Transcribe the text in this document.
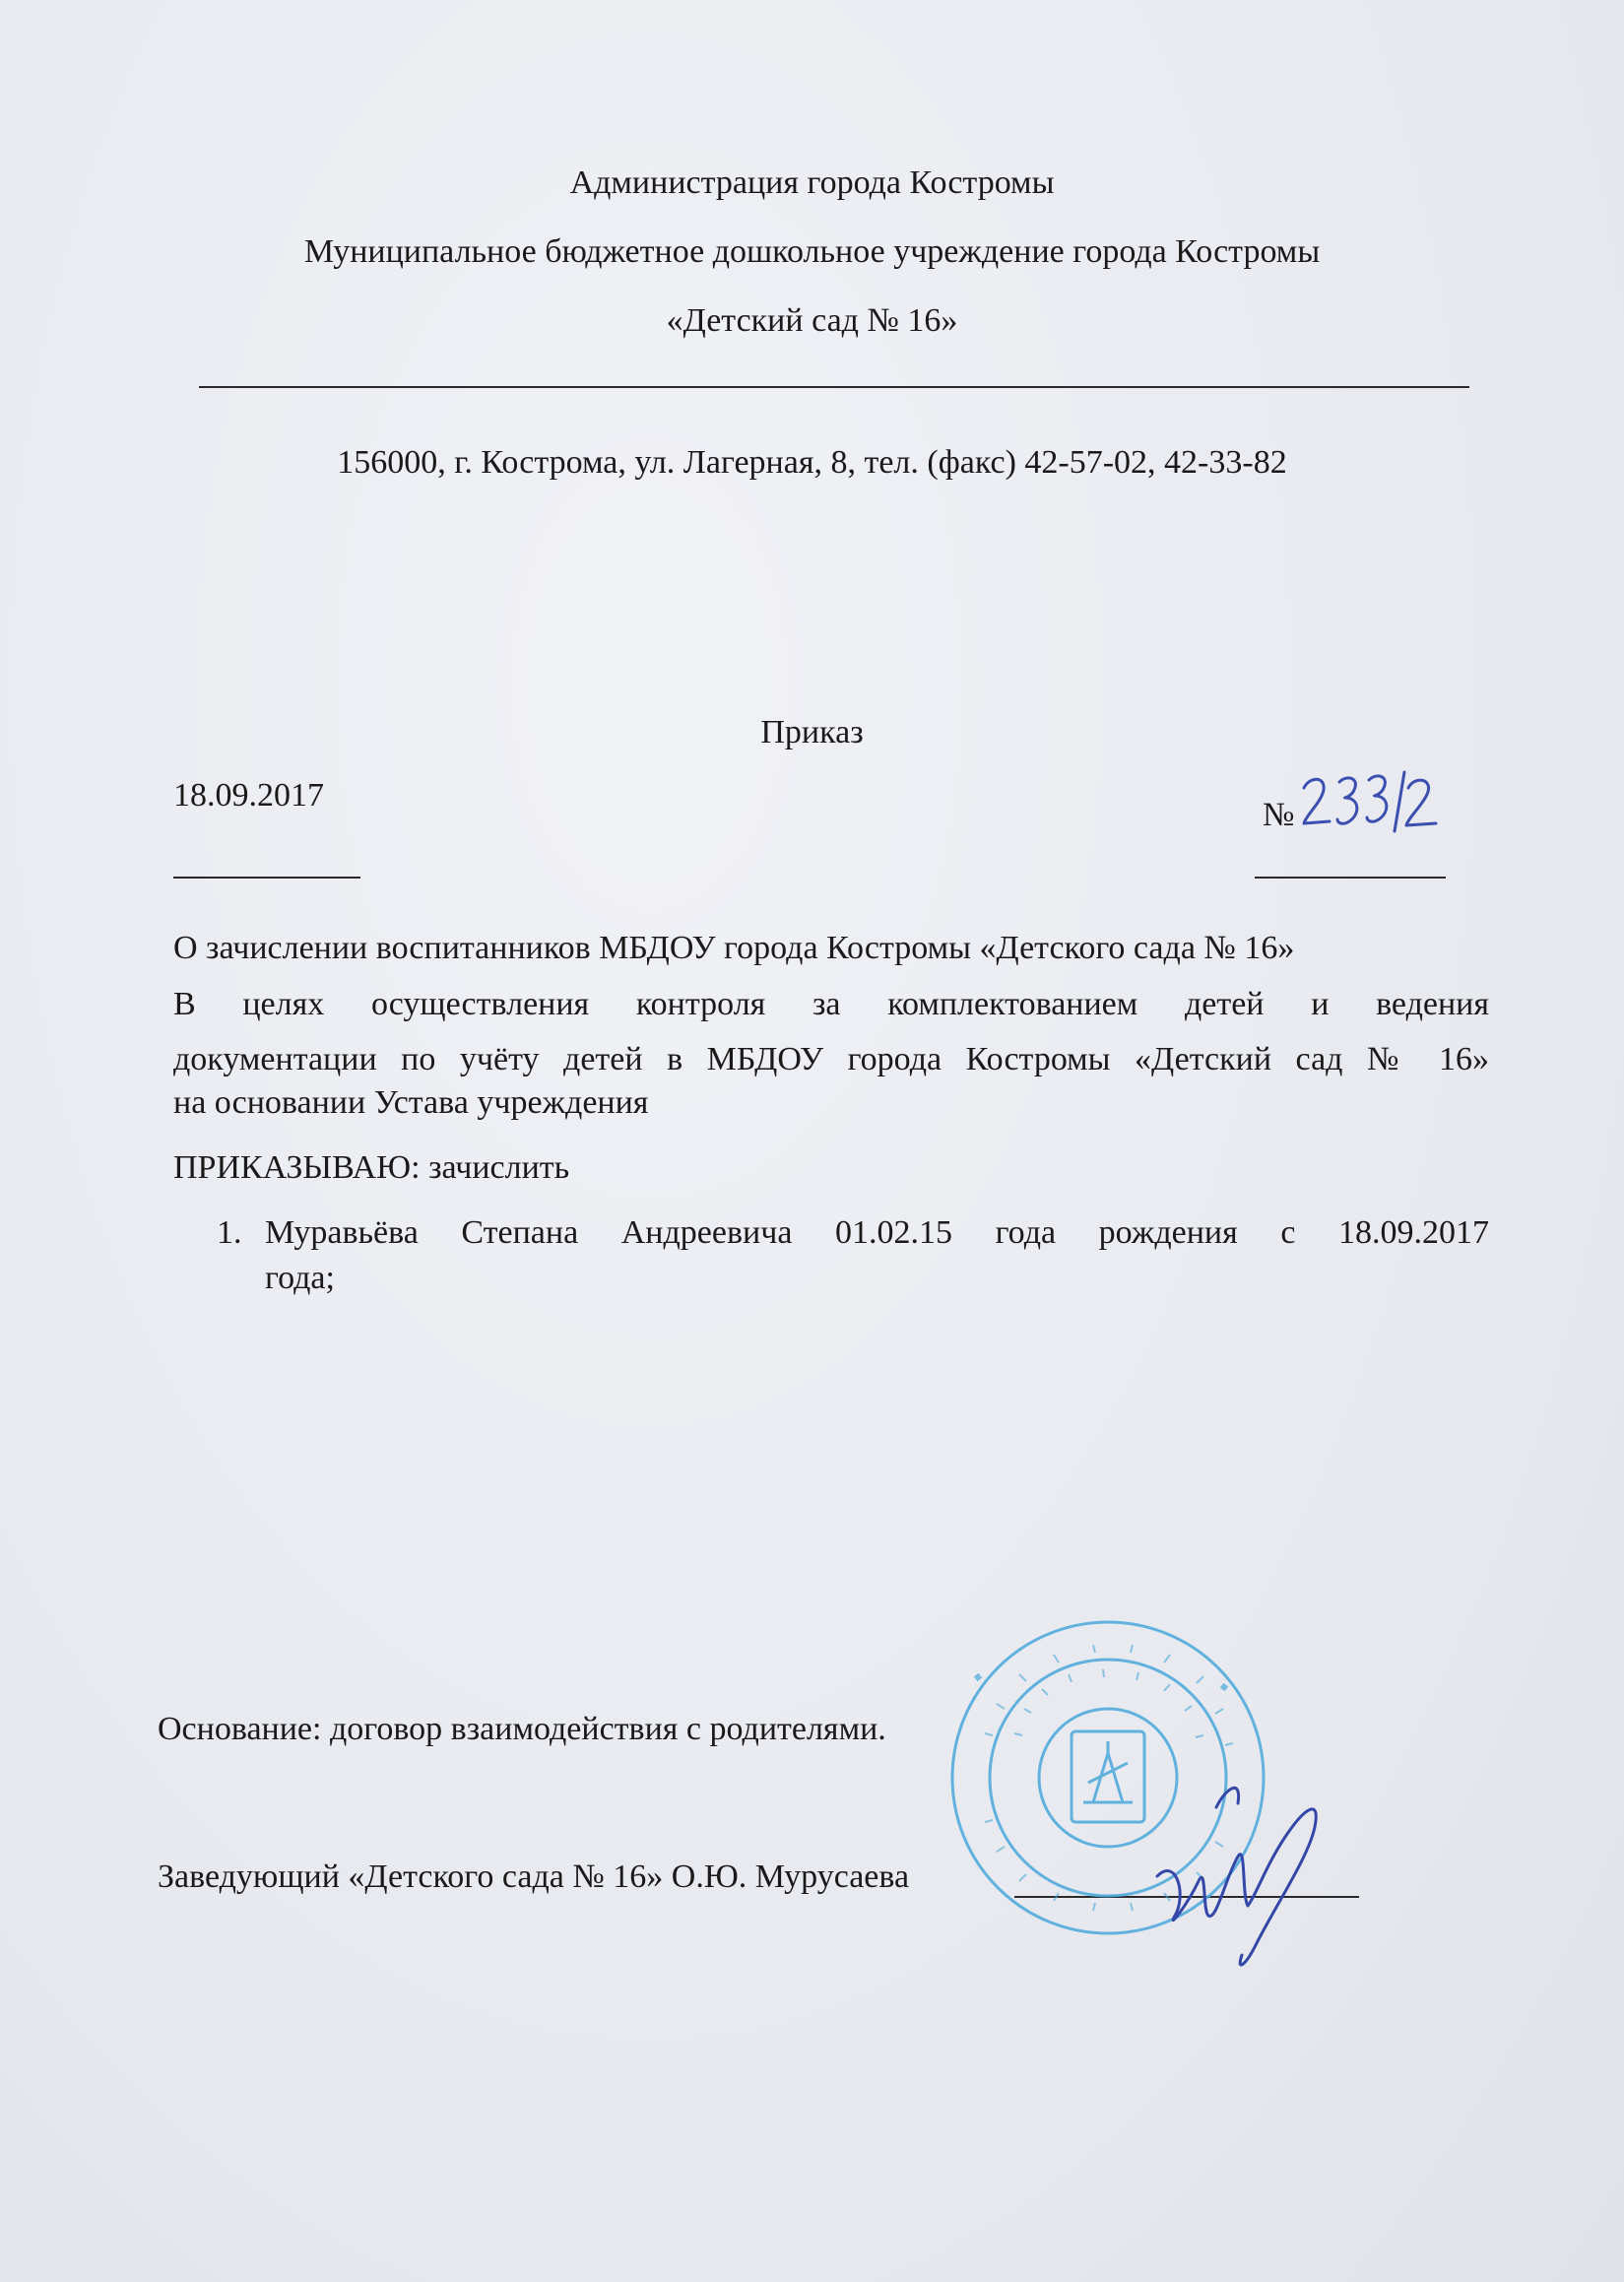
Администрация города Костромы
Муниципальное бюджетное дошкольное учреждение города Костромы
«Детский сад № 16»
156000, г. Кострома, ул. Лагерная, 8, тел. (факс) 42-57-02, 42-33-82
Приказ
18.09.2017
№
О зачислении воспитанников МБДОУ города Костромы «Детского сада № 16»
В целях осуществления контроля за комплектованием детей и ведения
документации по учёту детей в МБДОУ города Костромы «Детский сад № 16»
на основании Устава учреждения
ПРИКАЗЫВАЮ: зачислить
1. Муравьёва Степана Андреевича 01.02.15 года рождения с 18.09.2017
года;
Основание: договор взаимодействия с родителями.
Заведующий «Детского сада № 16» О.Ю. Мурусаева
